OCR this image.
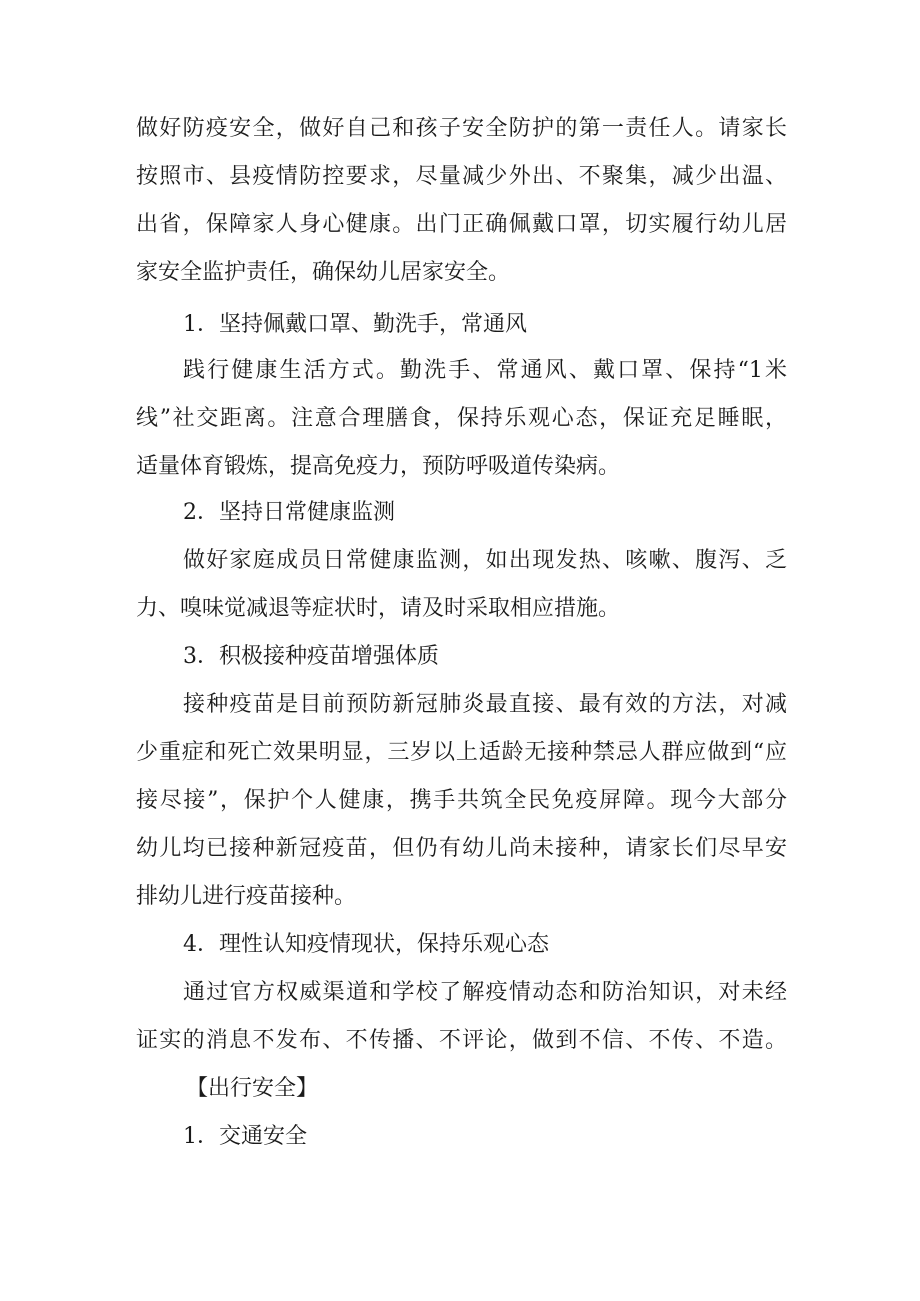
做好防疫安全，做好自己和孩子安全防护的第一责任人。请家长
按照市、县疫情防控要求，尽量减少外出、不聚集，减少出温、
出省，保障家人身心健康。出门正确佩戴口罩，切实履行幼儿居
家安全监护责任，确保幼儿居家安全。
1．坚持佩戴口罩、勤洗手，常通风
践行健康生活方式。勤洗手、常通风、戴口罩、保持“1米
线”社交距离。注意合理膳食，保持乐观心态，保证充足睡眠，
适量体育锻炼，提高免疫力，预防呼吸道传染病。
2．坚持日常健康监测
做好家庭成员日常健康监测，如出现发热、咳嗽、腹泻、乏
力、嗅味觉减退等症状时，请及时采取相应措施。
3．积极接种疫苗增强体质
接种疫苗是目前预防新冠肺炎最直接、最有效的方法，对减
少重症和死亡效果明显，三岁以上适龄无接种禁忌人群应做到“应
接尽接”，保护个人健康，携手共筑全民免疫屏障。现今大部分
幼儿均已接种新冠疫苗，但仍有幼儿尚未接种，请家长们尽早安
排幼儿进行疫苗接种。
4．理性认知疫情现状，保持乐观心态
通过官方权威渠道和学校了解疫情动态和防治知识，对未经
证实的消息不发布、不传播、不评论，做到不信、不传、不造。
【出行安全】
1．交通安全
